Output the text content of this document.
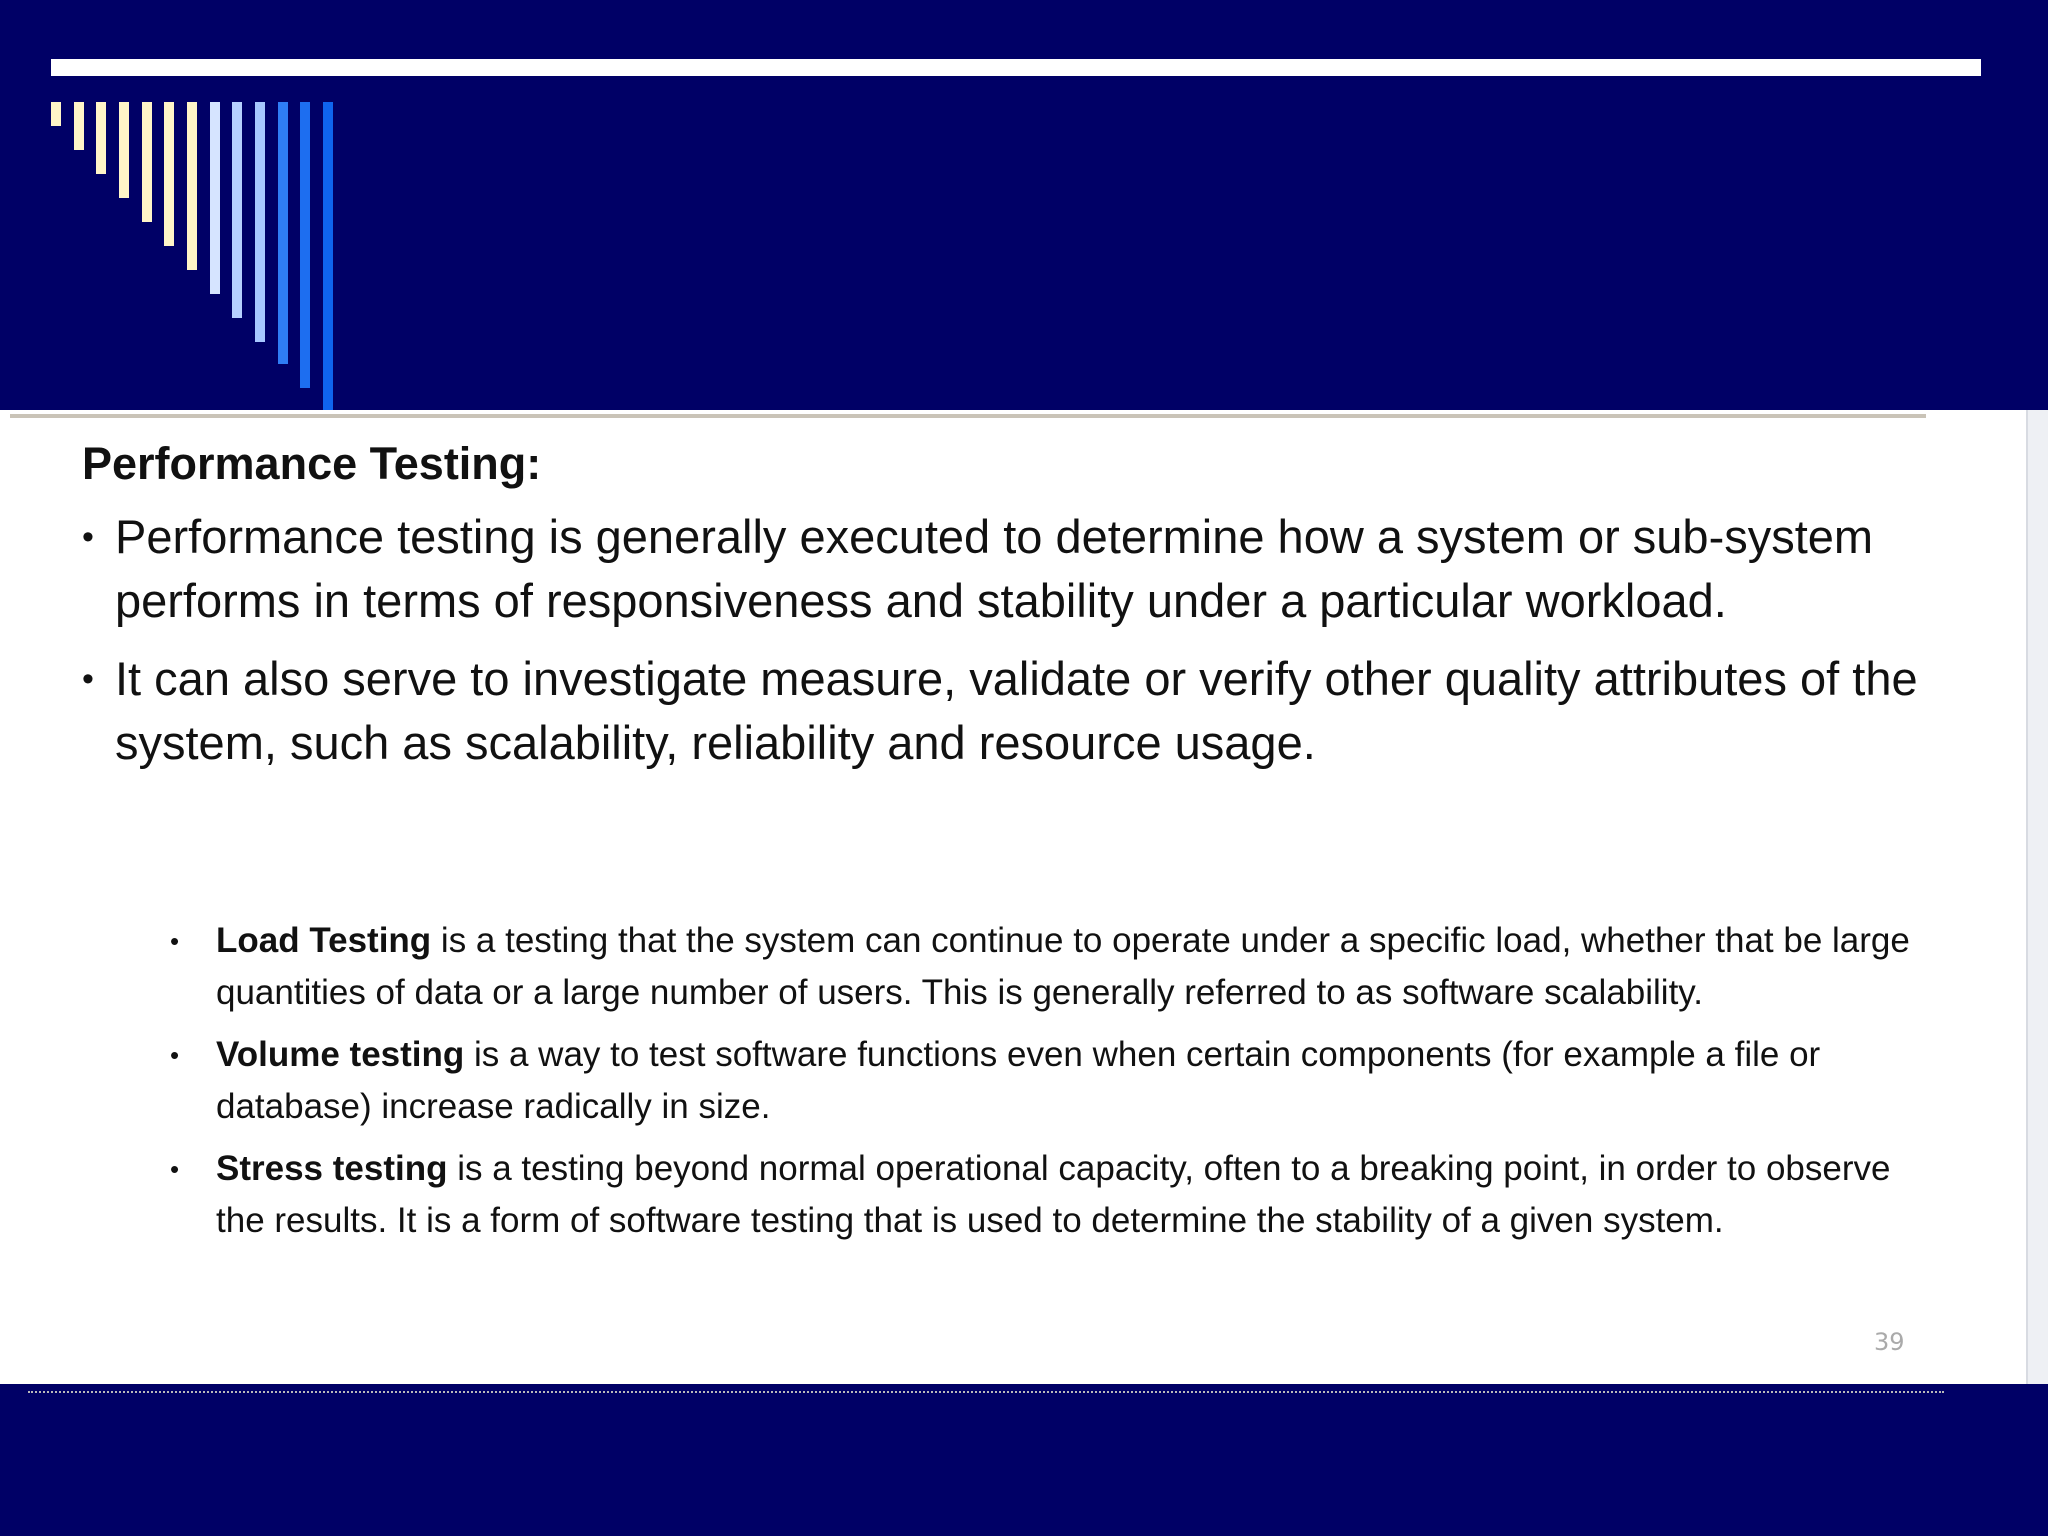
Performance Testing:
• Performance testing is generally executed to determine how a system or sub-system performs in terms of responsiveness and stability under a particular workload.
• It can also serve to investigate measure, validate or verify other quality attributes of the system, such as scalability, reliability and resource usage.
• Load Testing is a testing that the system can continue to operate under a specific load, whether that be large quantities of data or a large number of users. This is generally referred to as software scalability.
• Volume testing is a way to test software functions even when certain components (for example a file or database) increase radically in size.
• Stress testing is a testing beyond normal operational capacity, often to a breaking point, in order to observe the results. It is a form of software testing that is used to determine the stability of a given system.
39
